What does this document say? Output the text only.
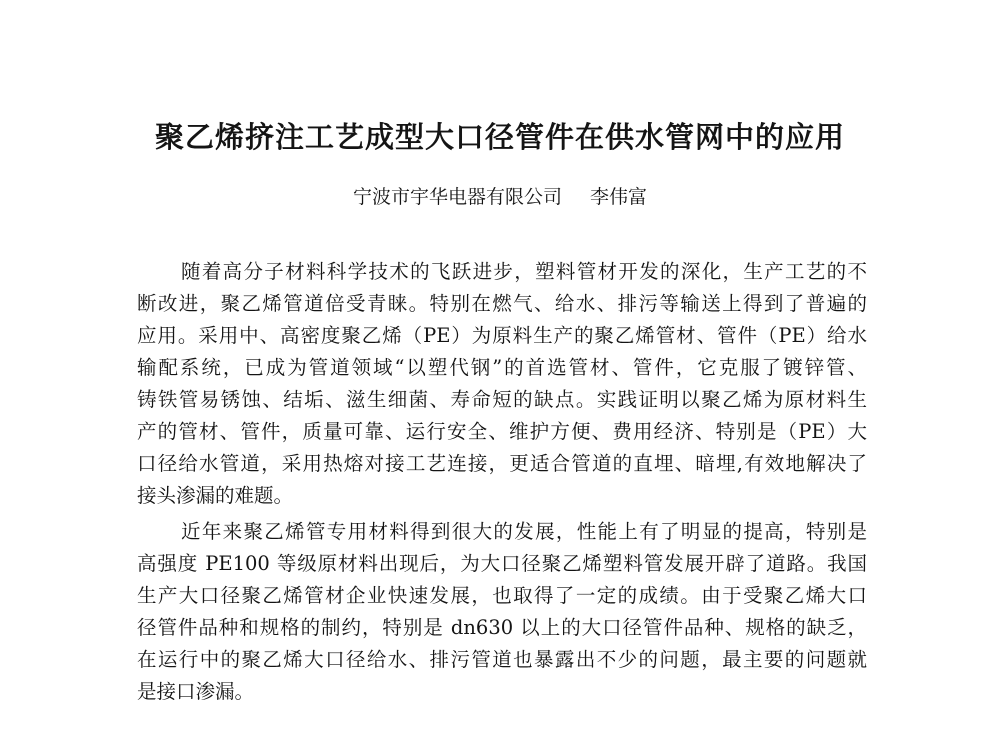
聚乙烯挤注工艺成型大口径管件在供水管网中的应用
宁波市宇华电器有限公司 李伟富
随着高分子材料科学技术的飞跃进步，塑料管材开发的深化，生产工艺的不
断改进，聚乙烯管道倍受青睐。特别在燃气、给水、排污等输送上得到了普遍的
应用。采用中、高密度聚乙烯（PE）为原料生产的聚乙烯管材、管件（PE）给水
输配系统，已成为管道领域“以塑代钢”的首选管材、管件，它克服了镀锌管、
铸铁管易锈蚀、结垢、滋生细菌、寿命短的缺点。实践证明以聚乙烯为原材料生
产的管材、管件，质量可靠、运行安全、维护方便、费用经济、特别是（PE）大
口径给水管道，采用热熔对接工艺连接，更适合管道的直埋、暗埋,有效地解决了
接头渗漏的难题。
近年来聚乙烯管专用材料得到很大的发展，性能上有了明显的提高，特别是
高强度 PE100 等级原材料出现后，为大口径聚乙烯塑料管发展开辟了道路。我国
生产大口径聚乙烯管材企业快速发展，也取得了一定的成绩。由于受聚乙烯大口
径管件品种和规格的制约，特别是 dn630 以上的大口径管件品种、规格的缺乏，
在运行中的聚乙烯大口径给水、排污管道也暴露出不少的问题，最主要的问题就
是接口渗漏。
